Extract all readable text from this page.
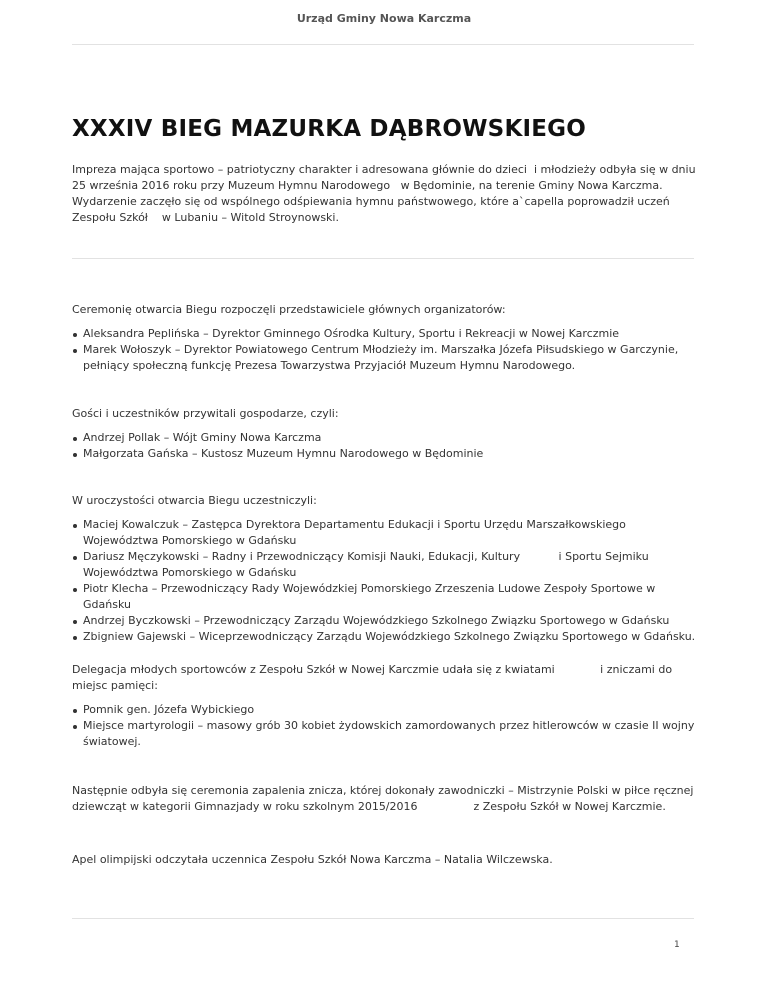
Urząd Gminy Nowa Karczma
XXXIV BIEG MAZURKA DĄBROWSKIEGO

Impreza mająca sportowo – patriotyczny charakter i adresowana głównie do dzieci  i młodzieży odbyła się w dniu 25 września 2016 roku przy Muzeum Hymnu Narodowego   w Będominie, na terenie Gminy Nowa Karczma. Wydarzenie zaczęło się od wspólnego odśpiewania hymnu państwowego, które a`capella poprowadził uczeń Zespołu Szkół    w Lubaniu – Witold Stroynowski.

Ceremonię otwarcia Biegu rozpoczęli przedstawiciele głównych organizatorów:

Aleksandra Peplińska – Dyrektor Gminnego Ośrodka Kultury, Sportu i Rekreacji w Nowej Karczmie
Marek Wołoszyk – Dyrektor Powiatowego Centrum Młodzieży im. Marszałka Józefa Piłsudskiego w Garczynie, pełniący społeczną funkcję Prezesa Towarzystwa Przyjaciół Muzeum Hymnu Narodowego.

Gości i uczestników przywitali gospodarze, czyli:

Andrzej Pollak – Wójt Gminy Nowa Karczma
Małgorzata Gańska – Kustosz Muzeum Hymnu Narodowego w Będominie

W uroczystości otwarcia Biegu uczestniczyli:

Maciej Kowalczuk – Zastępca Dyrektora Departamentu Edukacji i Sportu Urzędu Marszałkowskiego Województwa Pomorskiego w Gdańsku
Dariusz Męczykowski – Radny i Przewodniczący Komisji Nauki, Edukacji, Kultury           i Sportu Sejmiku Województwa Pomorskiego w Gdańsku
Piotr Klecha – Przewodniczący Rady Wojewódzkiej Pomorskiego Zrzeszenia Ludowe Zespoły Sportowe w Gdańsku
Andrzej Byczkowski – Przewodniczący Zarządu Wojewódzkiego Szkolnego Związku Sportowego w Gdańsku
Zbigniew Gajewski – Wiceprzewodniczący Zarządu Wojewódzkiego Szkolnego Związku Sportowego w Gdańsku.

Delegacja młodych sportowców z Zespołu Szkół w Nowej Karczmie udała się z kwiatami             i zniczami do miejsc pamięci:

Pomnik gen. Józefa Wybickiego
Miejsce martyrologii – masowy grób 30 kobiet żydowskich zamordowanych przez hitlerowców w czasie II wojny światowej.

Następnie odbyła się ceremonia zapalenia znicza, której dokonały zawodniczki – Mistrzynie Polski w piłce ręcznej dziewcząt w kategorii Gimnazjady w roku szkolnym 2015/2016                z Zespołu Szkół w Nowej Karczmie.

Apel olimpijski odczytała uczennica Zespołu Szkół Nowa Karczma – Natalia Wilczewska.

1
